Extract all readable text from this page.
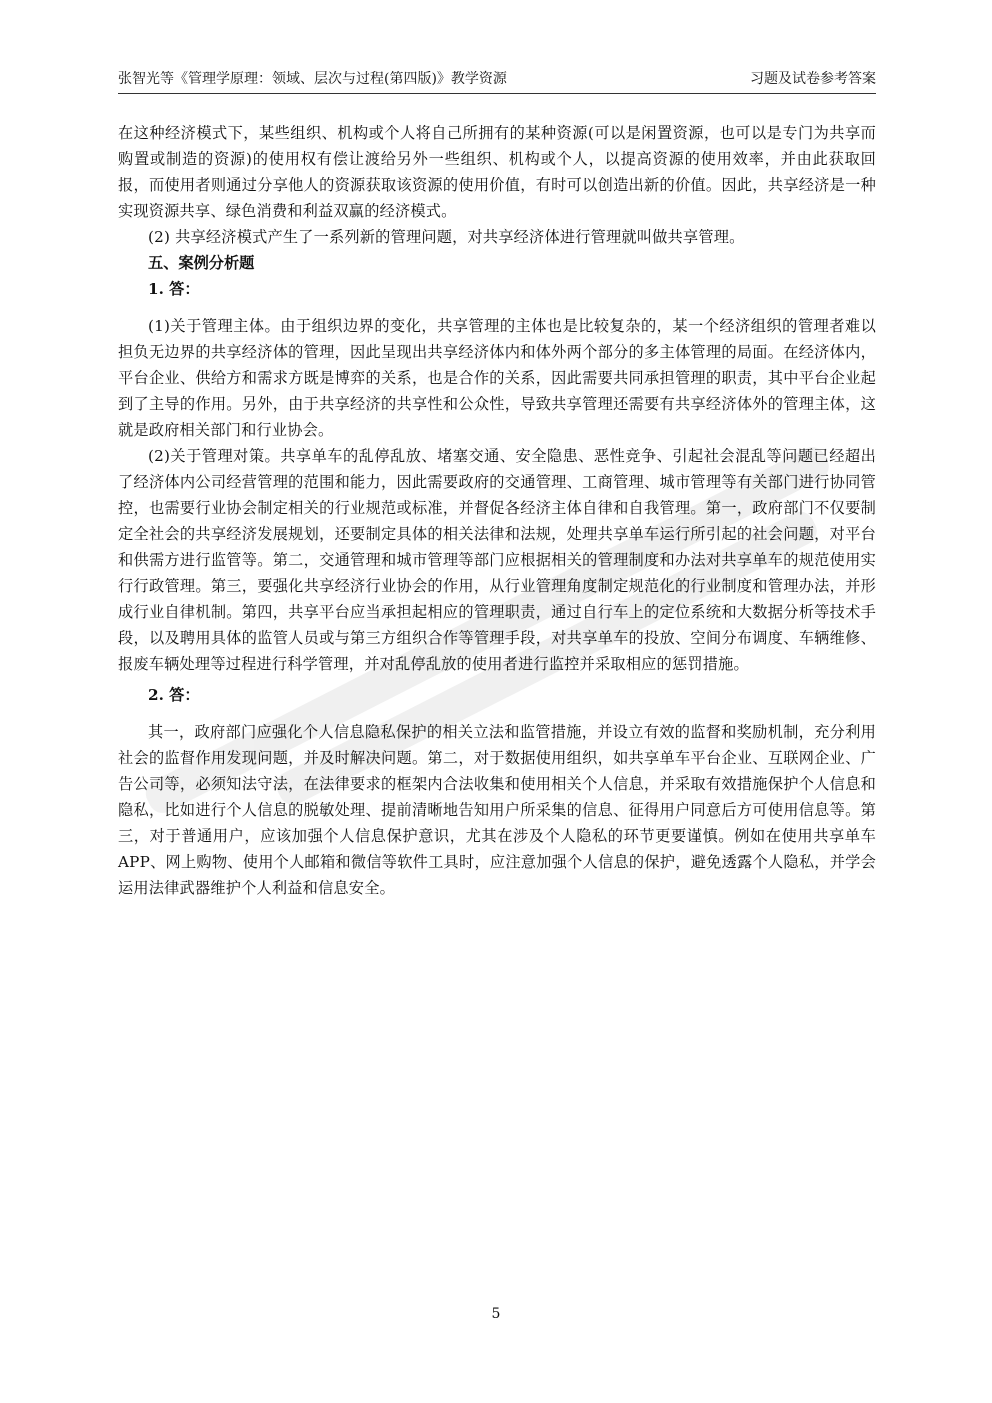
张智光等《管理学原理：领域、层次与过程(第四版)》教学资源	习题及试卷参考答案

在这种经济模式下，某些组织、机构或个人将自己所拥有的某种资源(可以是闲置资源，也可以是专门为共享而购置或制造的资源)的使用权有偿让渡给另外一些组织、机构或个人，以提高资源的使用效率，并由此获取回报，而使用者则通过分享他人的资源获取该资源的使用价值，有时可以创造出新的价值。因此，共享经济是一种实现资源共享、绿色消费和利益双赢的经济模式。

(2) 共享经济模式产生了一系列新的管理问题，对共享经济体进行管理就叫做共享管理。

五、案例分析题

1. 答：

(1)关于管理主体。由于组织边界的变化，共享管理的主体也是比较复杂的，某一个经济组织的管理者难以担负无边界的共享经济体的管理，因此呈现出共享经济体内和体外两个部分的多主体管理的局面。在经济体内，平台企业、供给方和需求方既是博弈的关系，也是合作的关系，因此需要共同承担管理的职责，其中平台企业起到了主导的作用。另外，由于共享经济的共享性和公众性，导致共享管理还需要有共享经济体外的管理主体，这就是政府相关部门和行业协会。

(2)关于管理对策。共享单车的乱停乱放、堵塞交通、安全隐患、恶性竞争、引起社会混乱等问题已经超出了经济体内公司经营管理的范围和能力，因此需要政府的交通管理、工商管理、城市管理等有关部门进行协同管控，也需要行业协会制定相关的行业规范或标准，并督促各经济主体自律和自我管理。第一，政府部门不仅要制定全社会的共享经济发展规划，还要制定具体的相关法律和法规，处理共享单车运行所引起的社会问题，对平台和供需方进行监管等。第二，交通管理和城市管理等部门应根据相关的管理制度和办法对共享单车的规范使用实行行政管理。第三，要强化共享经济行业协会的作用，从行业管理角度制定规范化的行业制度和管理办法，并形成行业自律机制。第四，共享平台应当承担起相应的管理职责，通过自行车上的定位系统和大数据分析等技术手段，以及聘用具体的监管人员或与第三方组织合作等管理手段，对共享单车的投放、空间分布调度、车辆维修、报废车辆处理等过程进行科学管理，并对乱停乱放的使用者进行监控并采取相应的惩罚措施。

2. 答：

其一，政府部门应强化个人信息隐私保护的相关立法和监管措施，并设立有效的监督和奖励机制，充分利用社会的监督作用发现问题，并及时解决问题。第二，对于数据使用组织，如共享单车平台企业、互联网企业、广告公司等，必须知法守法，在法律要求的框架内合法收集和使用相关个人信息，并采取有效措施保护个人信息和隐私，比如进行个人信息的脱敏处理、提前清晰地告知用户所采集的信息、征得用户同意后方可使用信息等。第三，对于普通用户，应该加强个人信息保护意识，尤其在涉及个人隐私的环节更要谨慎。例如在使用共享单车 APP、网上购物、使用个人邮箱和微信等软件工具时，应注意加强个人信息的保护，避免透露个人隐私，并学会运用法律武器维护个人利益和信息安全。

5
